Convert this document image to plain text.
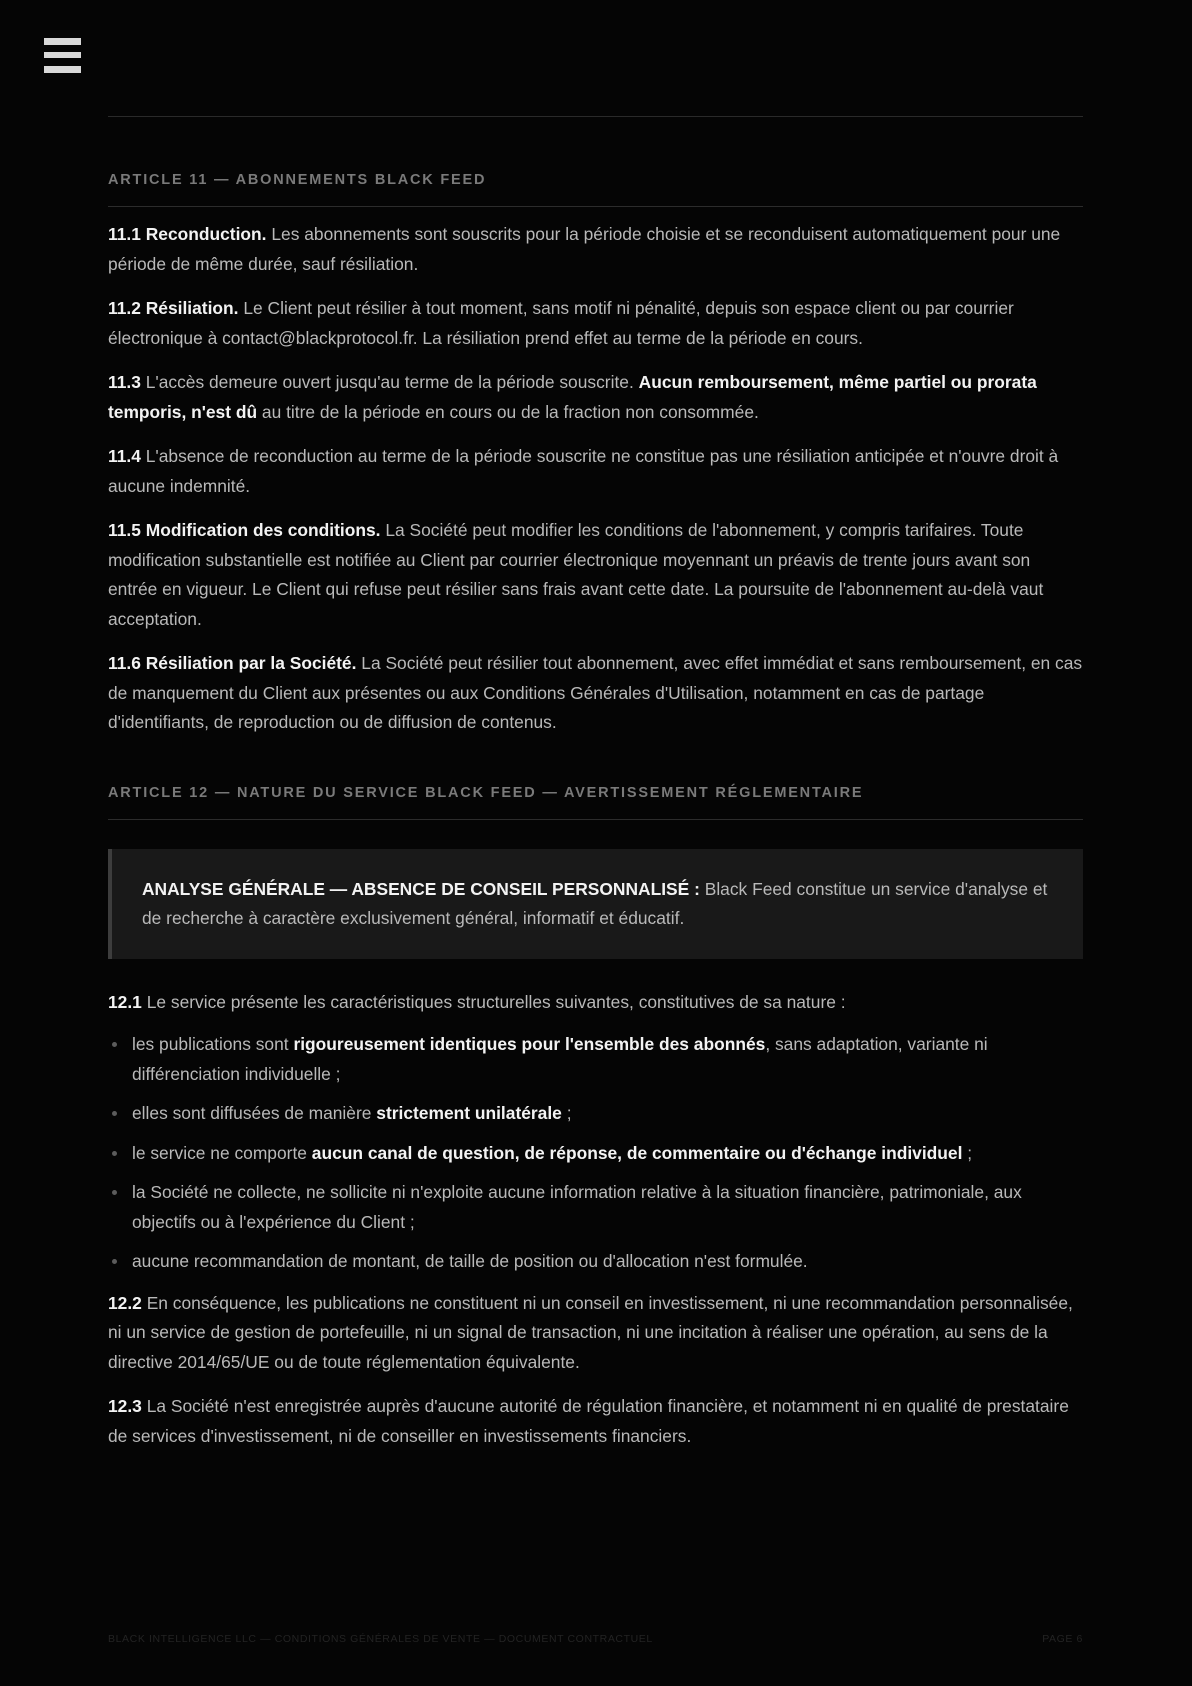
ARTICLE 11 — ABONNEMENTS BLACK FEED

11.1 Reconduction. Les abonnements sont souscrits pour la période choisie et se reconduisent automatiquement pour une période de même durée, sauf résiliation.

11.2 Résiliation. Le Client peut résilier à tout moment, sans motif ni pénalité, depuis son espace client ou par courrier électronique à contact@blackprotocol.fr. La résiliation prend effet au terme de la période en cours.

11.3 L'accès demeure ouvert jusqu'au terme de la période souscrite. Aucun remboursement, même partiel ou prorata temporis, n'est dû au titre de la période en cours ou de la fraction non consommée.

11.4 L'absence de reconduction au terme de la période souscrite ne constitue pas une résiliation anticipée et n'ouvre droit à aucune indemnité.

11.5 Modification des conditions. La Société peut modifier les conditions de l'abonnement, y compris tarifaires. Toute modification substantielle est notifiée au Client par courrier électronique moyennant un préavis de trente jours avant son entrée en vigueur. Le Client qui refuse peut résilier sans frais avant cette date. La poursuite de l'abonnement au-delà vaut acceptation.

11.6 Résiliation par la Société. La Société peut résilier tout abonnement, avec effet immédiat et sans remboursement, en cas de manquement du Client aux présentes ou aux Conditions Générales d'Utilisation, notamment en cas de partage d'identifiants, de reproduction ou de diffusion de contenus.

ARTICLE 12 — NATURE DU SERVICE BLACK FEED — AVERTISSEMENT RÉGLEMENTAIRE
ANALYSE GÉNÉRALE — ABSENCE DE CONSEIL PERSONNALISÉ : Black Feed constitue un service d'analyse et de recherche à caractère exclusivement général, informatif et éducatif.

12.1 Le service présente les caractéristiques structurelles suivantes, constitutives de sa nature :

les publications sont rigoureusement identiques pour l'ensemble des abonnés, sans adaptation, variante ni différenciation individuelle ;
elles sont diffusées de manière strictement unilatérale ;
le service ne comporte aucun canal de question, de réponse, de commentaire ou d'échange individuel ;
la Société ne collecte, ne sollicite ni n'exploite aucune information relative à la situation financière, patrimoniale, aux objectifs ou à l'expérience du Client ;
aucune recommandation de montant, de taille de position ou d'allocation n'est formulée.

12.2 En conséquence, les publications ne constituent ni un conseil en investissement, ni une recommandation personnalisée, ni un service de gestion de portefeuille, ni un signal de transaction, ni une incitation à réaliser une opération, au sens de la directive 2014/65/UE ou de toute réglementation équivalente.

12.3 La Société n'est enregistrée auprès d'aucune autorité de régulation financière, et notamment ni en qualité de prestataire de services d'investissement, ni de conseiller en investissements financiers.

BLACK INTELLIGENCE LLC — CONDITIONS GÉNÉRALES DE VENTE — DOCUMENT CONTRACTUEL	PAGE 6
